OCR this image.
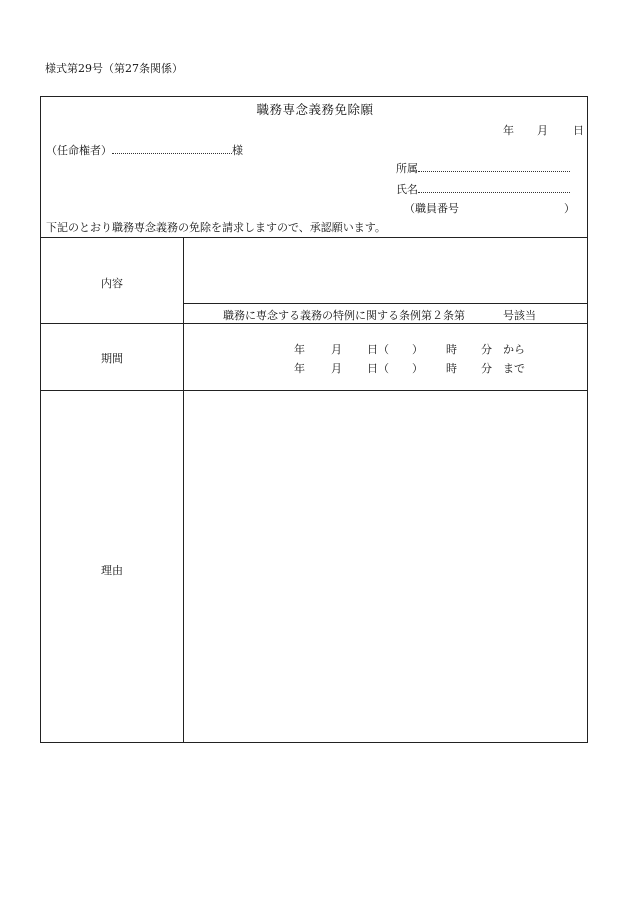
様式第29号（第27条関係）
職務専念義務免除願
年 月 日
（任命権者）	様
所属
氏名
（職員番号	）
下記のとおり職務専念義務の免除を請求しますので、承認願います。
内容
職務に専念する義務の特例に関する条例第２条第	号該当
期間
年 月 日（ ） 時 分 から
年 月 日（ ） 時 分 まで
理由
